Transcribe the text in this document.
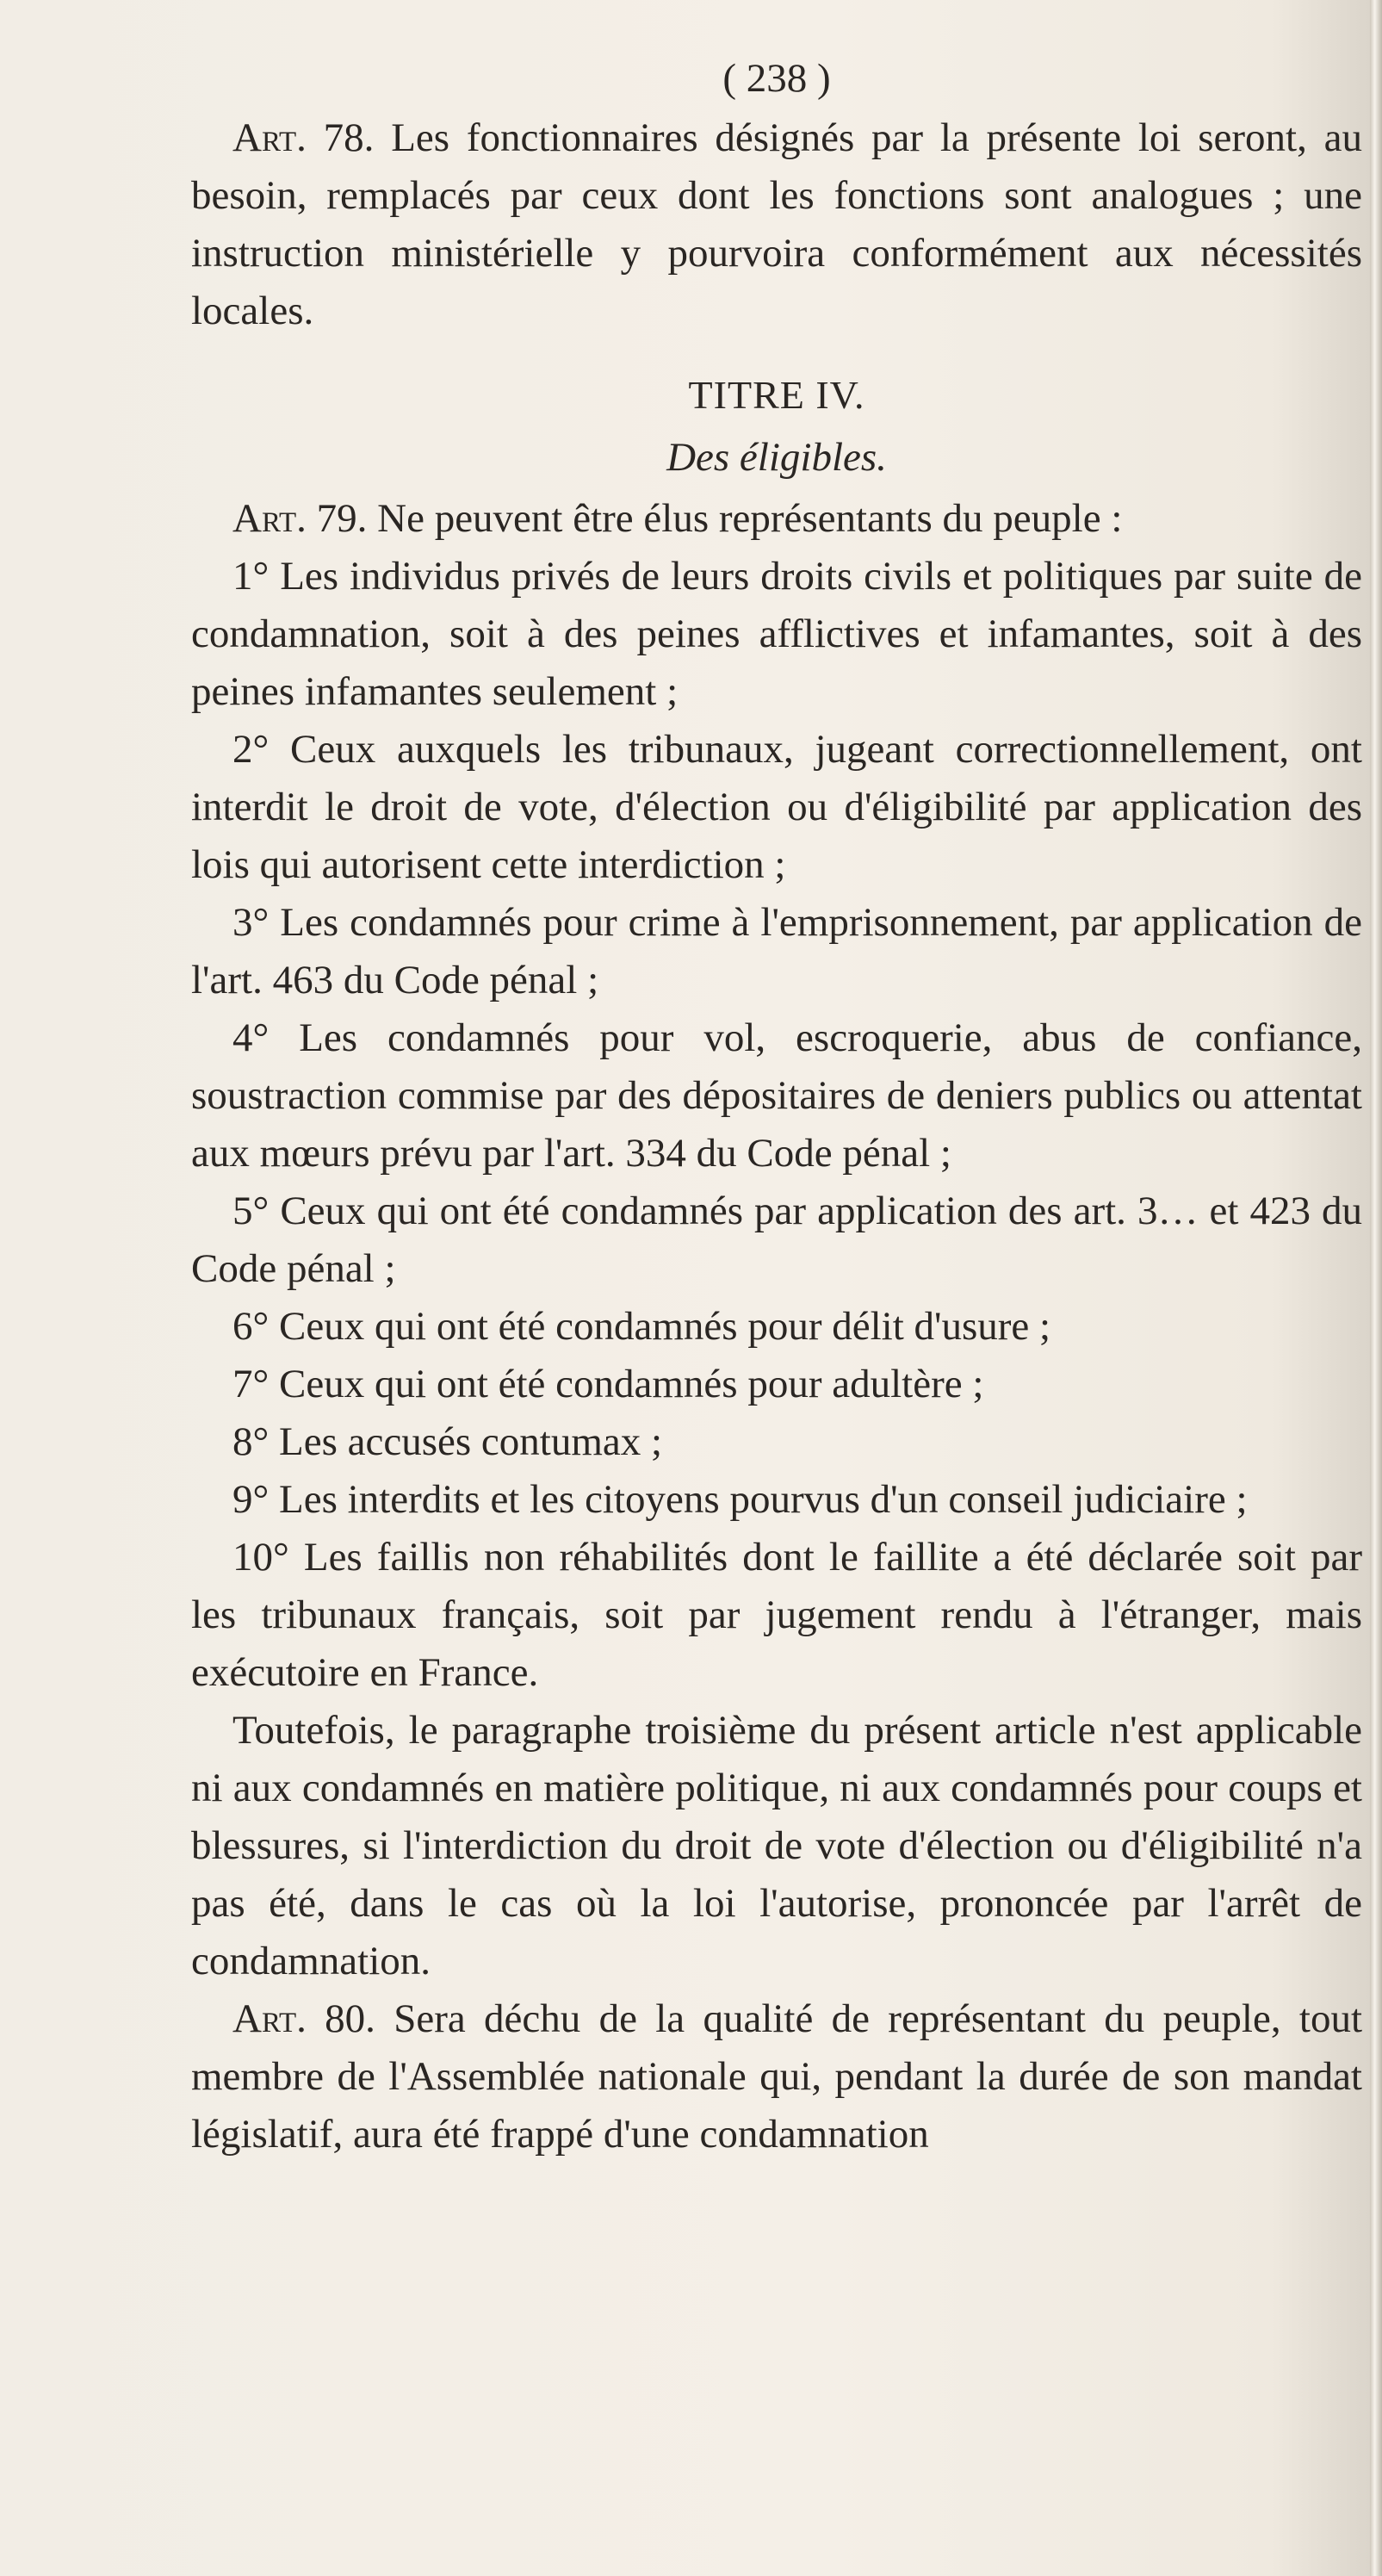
( 238 )

Art. 78. Les fonctionnaires désignés par la présente loi seront, au besoin, remplacés par ceux dont les fonctions sont analogues ; une instruction ministérielle y pourvoira conformément aux nécessités locales.

TITRE IV.
Des éligibles.

Art. 79. Ne peuvent être élus représentants du peuple :

1° Les individus privés de leurs droits civils et politiques par suite de condamnation, soit à des peines afflictives et infamantes, soit à des peines infamantes seulement ;

2° Ceux auxquels les tribunaux, jugeant correctionnellement, ont interdit le droit de vote, d'élection ou d'éligibilité par application des lois qui autorisent cette interdiction ;

3° Les condamnés pour crime à l'emprisonnement, par application de l'art. 463 du Code pénal ;

4° Les condamnés pour vol, escroquerie, abus de confiance, soustraction commise par des dépositaires de deniers publics ou attentat aux mœurs prévu par l'art. 334 du Code pénal ;

5° Ceux qui ont été condamnés par application des art. 3… et 423 du Code pénal ;

6° Ceux qui ont été condamnés pour délit d'usure ;

7° Ceux qui ont été condamnés pour adultère ;

8° Les accusés contumax ;

9° Les interdits et les citoyens pourvus d'un conseil judiciaire ;

10° Les faillis non réhabilités dont le faillite a été déclarée soit par les tribunaux français, soit par jugement rendu à l'étranger, mais exécutoire en France.

Toutefois, le paragraphe troisième du présent article n'est applicable ni aux condamnés en matière politique, ni aux condamnés pour coups et blessures, si l'interdiction du droit de vote d'élection ou d'éligibilité n'a pas été, dans le cas où la loi l'autorise, prononcée par l'arrêt de condamnation.

Art. 80. Sera déchu de la qualité de représentant du peuple, tout membre de l'Assemblée nationale qui, pendant la durée de son mandat législatif, aura été frappé d'une condamnation
